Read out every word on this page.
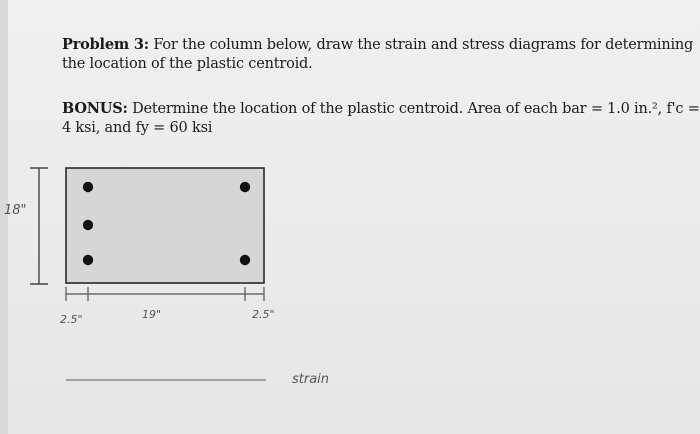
Problem 3: For the column below, draw the strain and stress diagrams for determining
the location of the plastic centroid.
BONUS: Determine the location of the plastic centroid. Area of each bar = 1.0 in.², f'c =
4 ksi, and fy = 60 ksi
18"
2.5"	19"	2.5"
strain
